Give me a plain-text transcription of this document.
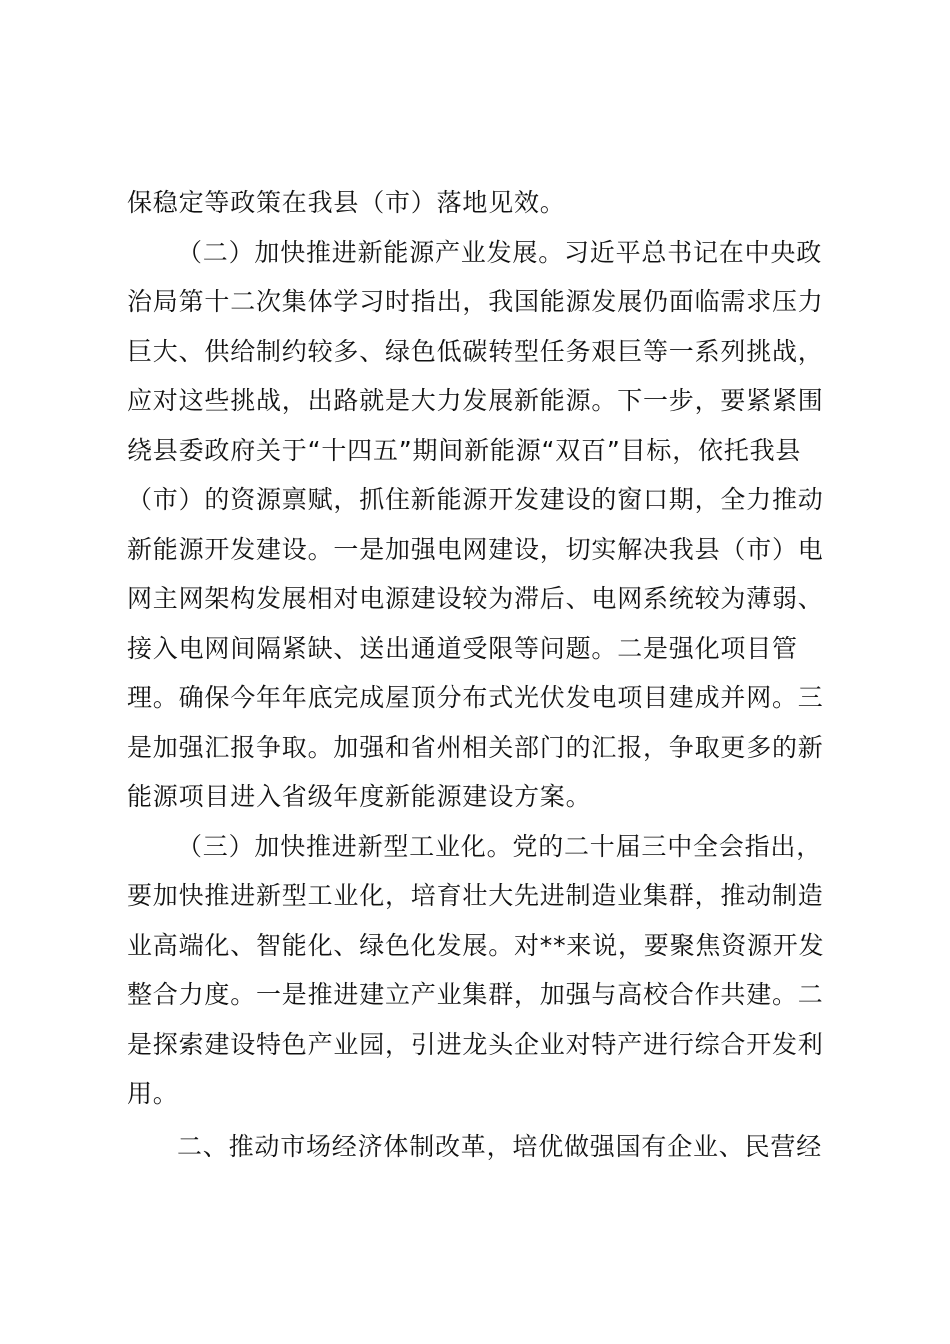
保稳定等政策在我县（市）落地见效。

（二）加快推进新能源产业发展。习近平总书记在中央政治局第十二次集体学习时指出，我国能源发展仍面临需求压力巨大、供给制约较多、绿色低碳转型任务艰巨等一系列挑战，应对这些挑战，出路就是大力发展新能源。下一步，要紧紧围绕县委政府关于“十四五”期间新能源“双百”目标，依托我县（市）的资源禀赋，抓住新能源开发建设的窗口期，全力推动新能源开发建设。一是加强电网建设，切实解决我县（市）电网主网架构发展相对电源建设较为滞后、电网系统较为薄弱、接入电网间隔紧缺、送出通道受限等问题。二是强化项目管理。确保今年年底完成屋顶分布式光伏发电项目建成并网。三是加强汇报争取。加强和省州相关部门的汇报，争取更多的新能源项目进入省级年度新能源建设方案。

（三）加快推进新型工业化。党的二十届三中全会指出，要加快推进新型工业化，培育壮大先进制造业集群，推动制造业高端化、智能化、绿色化发展。对**来说，要聚焦资源开发整合力度。一是推进建立产业集群，加强与高校合作共建。二是探索建设特色产业园，引进龙头企业对特产进行综合开发利用。

二、推动市场经济体制改革，培优做强国有企业、民营经
